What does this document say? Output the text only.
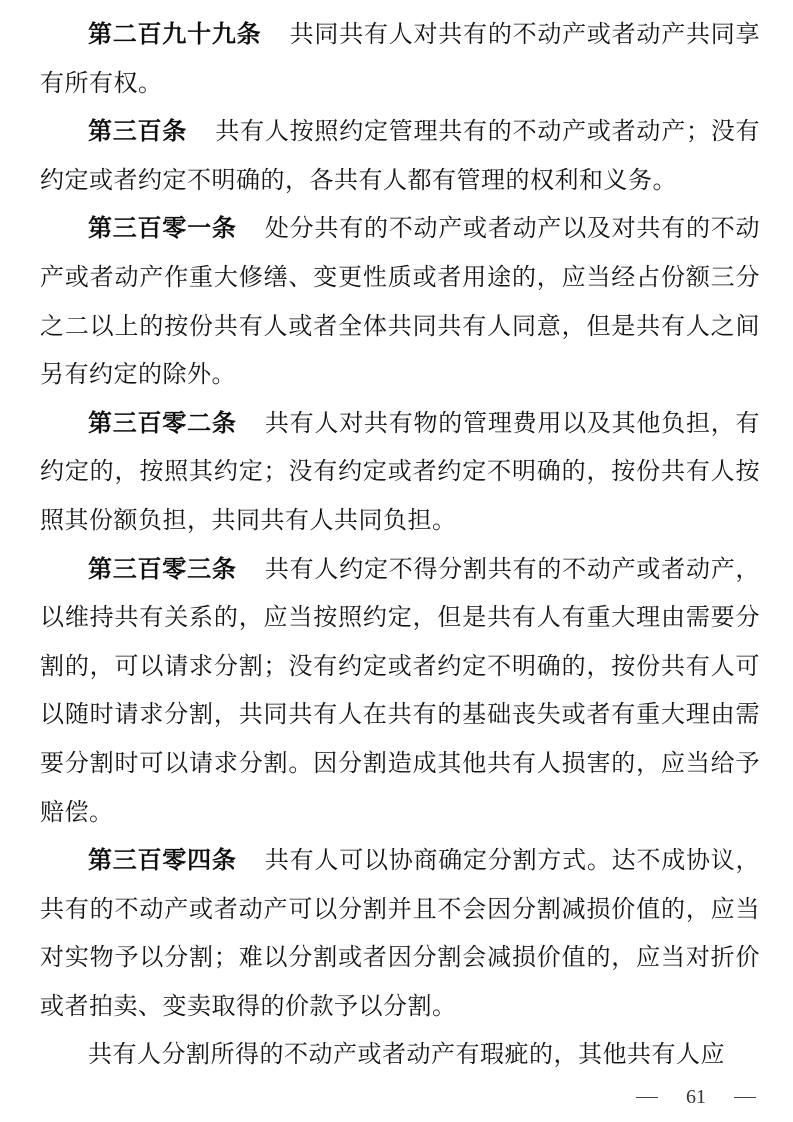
第二百九十九条 共同共有人对共有的不动产或者动产共同享有所有权。

第三百条 共有人按照约定管理共有的不动产或者动产；没有约定或者约定不明确的，各共有人都有管理的权利和义务。

第三百零一条 处分共有的不动产或者动产以及对共有的不动产或者动产作重大修缮、变更性质或者用途的，应当经占份额三分之二以上的按份共有人或者全体共同共有人同意，但是共有人之间另有约定的除外。

第三百零二条 共有人对共有物的管理费用以及其他负担，有约定的，按照其约定；没有约定或者约定不明确的，按份共有人按照其份额负担，共同共有人共同负担。

第三百零三条 共有人约定不得分割共有的不动产或者动产，以维持共有关系的，应当按照约定，但是共有人有重大理由需要分割的，可以请求分割；没有约定或者约定不明确的，按份共有人可以随时请求分割，共同共有人在共有的基础丧失或者有重大理由需要分割时可以请求分割。因分割造成其他共有人损害的，应当给予赔偿。

第三百零四条 共有人可以协商确定分割方式。达不成协议，共有的不动产或者动产可以分割并且不会因分割减损价值的，应当对实物予以分割；难以分割或者因分割会减损价值的，应当对折价或者拍卖、变卖取得的价款予以分割。

共有人分割所得的不动产或者动产有瑕疵的，其他共有人应

61
